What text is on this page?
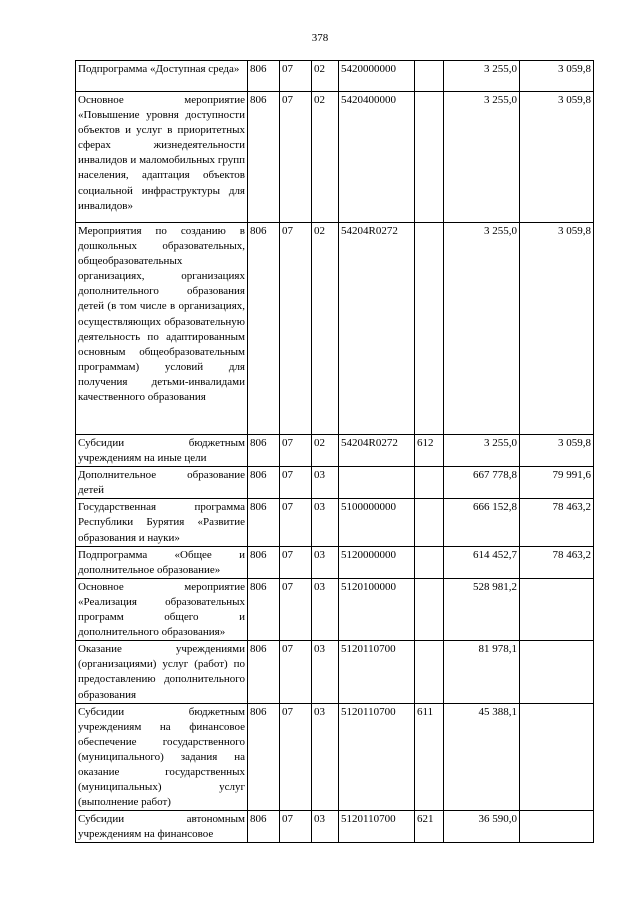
378
Подпрограмма «Доступная среда»	806	07	02	5420000000		3 255,0	3 059,8

Основное мероприятие «Повышение уровня доступности объектов и услуг в приоритетных сферах жизнедеятельности инвалидов и маломобильных групп населения, адаптация объектов социальной инфраструктуры для инвалидов»	806	07	02	5420400000		3 255,0	3 059,8

Мероприятия по созданию в дошкольных образовательных, общеобразовательных организациях, организациях дополнительного образования детей (в том числе в организациях, осуществляющих образовательную деятельность по адаптированным основным общеобразовательным программам) условий для получения детьми-инвалидами качественного образования	806	07	02	54204R0272		3 255,0	3 059,8

Субсидии бюджетным учреждениям на иные цели	806	07	02	54204R0272	612	3 255,0	3 059,8

Дополнительное образование детей	806	07	03			667 778,8	79 991,6

Государственная программа Республики Бурятия «Развитие образования и науки»	806	07	03	5100000000		666 152,8	78 463,2

Подпрограмма «Общее и дополнительное образование»	806	07	03	5120000000		614 452,7	78 463,2

Основное мероприятие «Реализация образовательных программ общего и дополнительного образования»	806	07	03	5120100000		528 981,2	

Оказание учреждениями (организациями) услуг (работ) по предоставлению дополнительного образования	806	07	03	5120110700		81 978,1	

Субсидии бюджетным учреждениям на финансовое обеспечение государственного (муниципального) задания на оказание государственных (муниципальных) услуг (выполнение работ)	806	07	03	5120110700	611	45 388,1	

Субсидии автономным учреждениям на финансовое	806	07	03	5120110700	621	36 590,0	
